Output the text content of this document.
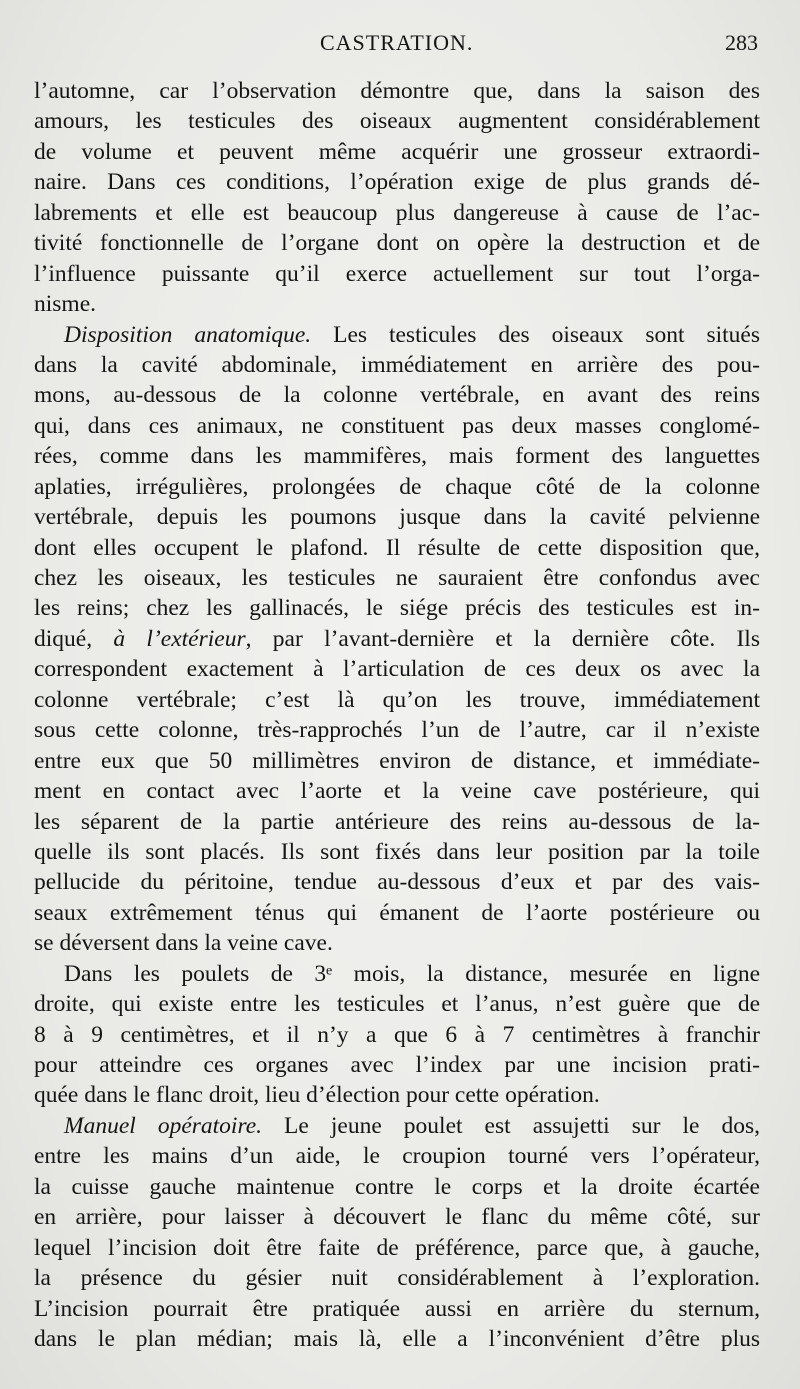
CASTRATION.	283
l’automne, car l’observation démontre que, dans la saison des
amours, les testicules des oiseaux augmentent considérablement
de volume et peuvent même acquérir une grosseur extraordi-
naire. Dans ces conditions, l’opération exige de plus grands dé-
labrements et elle est beaucoup plus dangereuse à cause de l’ac-
tivité fonctionnelle de l’organe dont on opère la destruction et de
l’influence puissante qu’il exerce actuellement sur tout l’orga-
nisme.
Disposition anatomique. Les testicules des oiseaux sont situés
dans la cavité abdominale, immédiatement en arrière des pou-
mons, au-dessous de la colonne vertébrale, en avant des reins
qui, dans ces animaux, ne constituent pas deux masses conglomé-
rées, comme dans les mammifères, mais forment des languettes
aplaties, irrégulières, prolongées de chaque côté de la colonne
vertébrale, depuis les poumons jusque dans la cavité pelvienne
dont elles occupent le plafond. Il résulte de cette disposition que,
chez les oiseaux, les testicules ne sauraient être confondus avec
les reins; chez les gallinacés, le siége précis des testicules est in-
diqué, à l’extérieur, par l’avant-dernière et la dernière côte. Ils
correspondent exactement à l’articulation de ces deux os avec la
colonne vertébrale; c’est là qu’on les trouve, immédiatement
sous cette colonne, très-rapprochés l’un de l’autre, car il n’existe
entre eux que 50 millimètres environ de distance, et immédiate-
ment en contact avec l’aorte et la veine cave postérieure, qui
les séparent de la partie antérieure des reins au-dessous de la-
quelle ils sont placés. Ils sont fixés dans leur position par la toile
pellucide du péritoine, tendue au-dessous d’eux et par des vais-
seaux extrêmement ténus qui émanent de l’aorte postérieure ou
se déversent dans la veine cave.
Dans les poulets de 3ᵉ mois, la distance, mesurée en ligne
droite, qui existe entre les testicules et l’anus, n’est guère que de
8 à 9 centimètres, et il n’y a que 6 à 7 centimètres à franchir
pour atteindre ces organes avec l’index par une incision prati-
quée dans le flanc droit, lieu d’élection pour cette opération.
Manuel opératoire. Le jeune poulet est assujetti sur le dos,
entre les mains d’un aide, le croupion tourné vers l’opérateur,
la cuisse gauche maintenue contre le corps et la droite écartée
en arrière, pour laisser à découvert le flanc du même côté, sur
lequel l’incision doit être faite de préférence, parce que, à gauche,
la présence du gésier nuit considérablement à l’exploration.
L’incision pourrait être pratiquée aussi en arrière du sternum,
dans le plan médian; mais là, elle a l’inconvénient d’être plus
